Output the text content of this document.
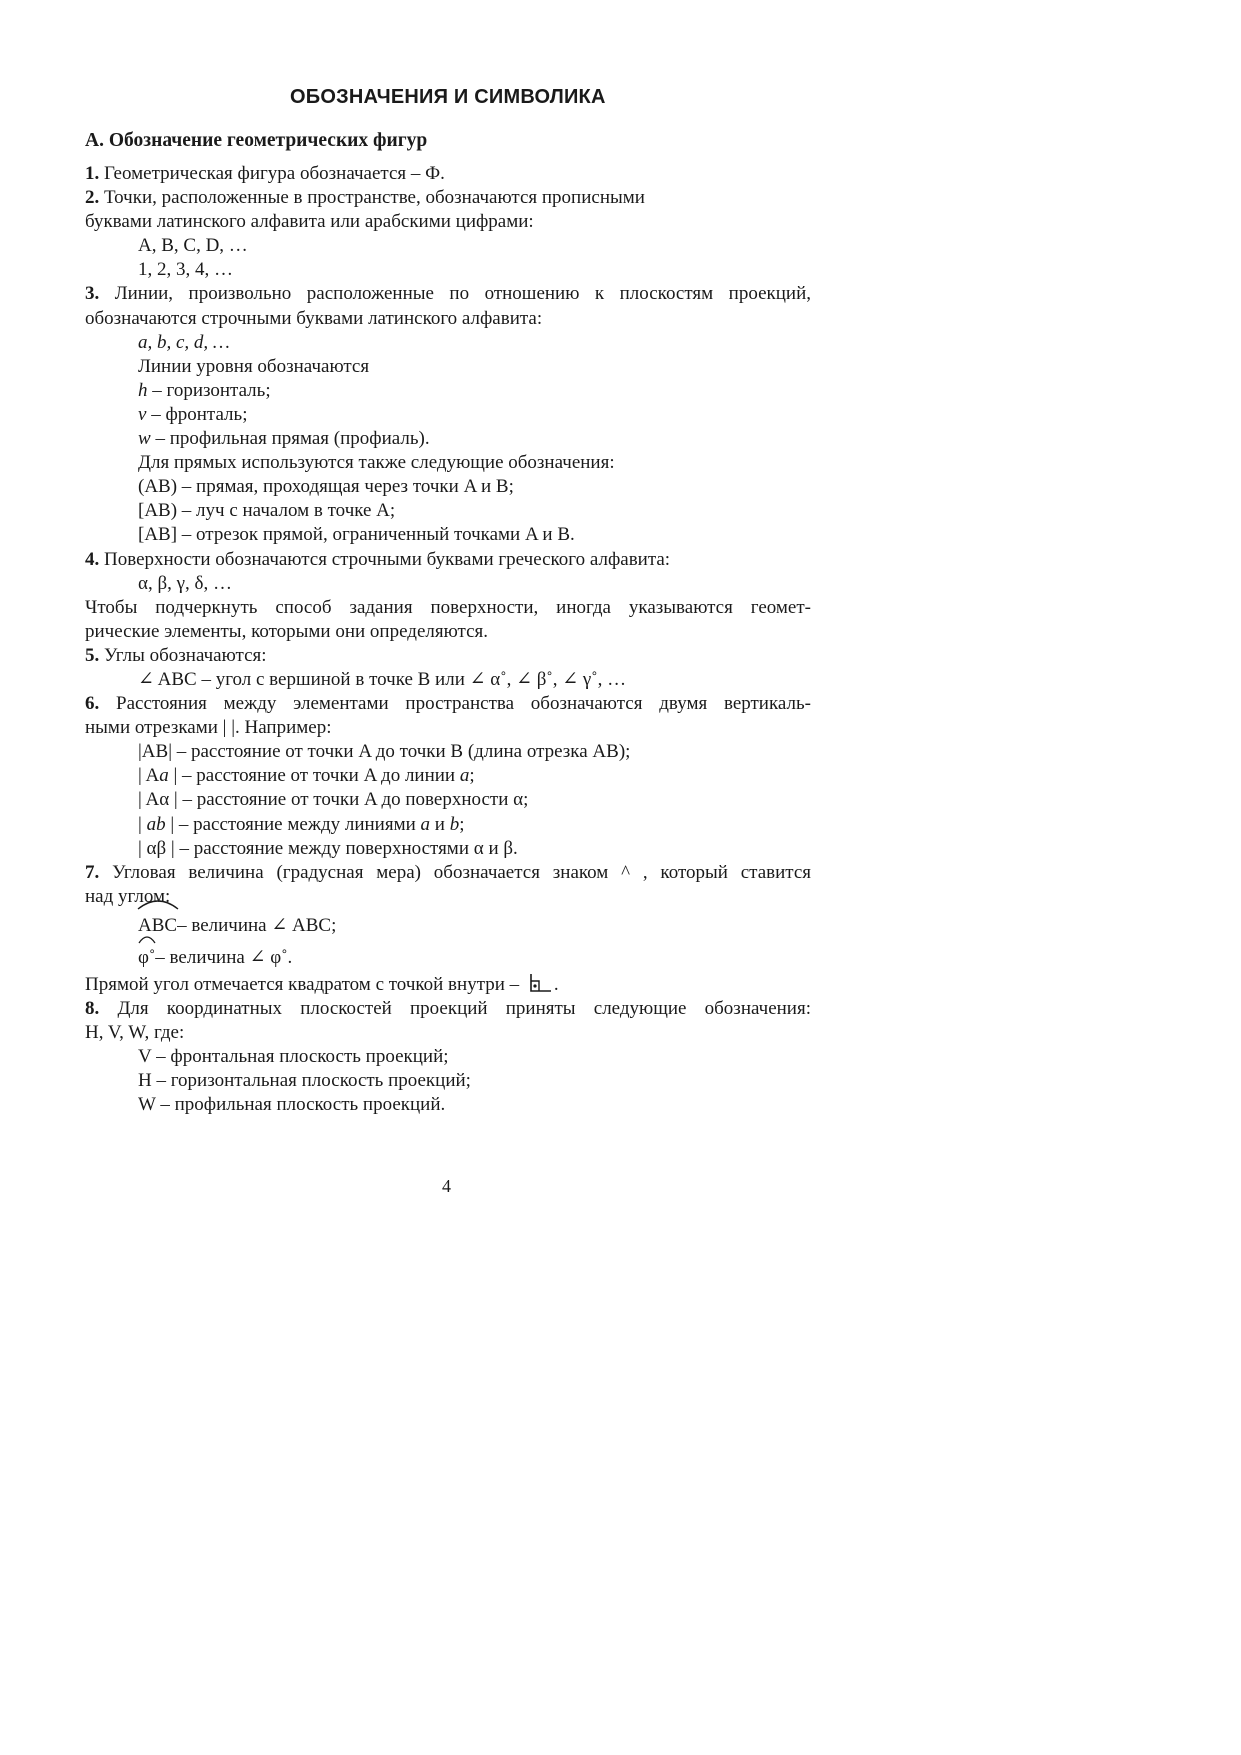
ОБОЗНАЧЕНИЯ И СИМВОЛИКА
А. Обозначение геометрических фигур

1. Геометрическая фигура обозначается – Ф.

2. Точки, расположенные в пространстве, обозначаются прописными

буквами латинского алфавита или арабскими цифрами:

A, B, C, D, …

1, 2, 3, 4, …

3. Линии, произвольно расположенные по отношению к плоскостям проекций,

обозначаются строчными буквами латинского алфавита:

a, b, c, d, …

Линии уровня обозначаются

h – горизонталь;

v – фронталь;

w – профильная прямая (профиаль).

Для прямых используются также следующие обозначения:

(AB) – прямая, проходящая через точки A и B;

[AB) – луч с началом в точке A;

[AB] – отрезок прямой, ограниченный точками A и B.

4. Поверхности обозначаются строчными буквами греческого алфавита:

α, β, γ, δ, …

Чтобы подчеркнуть способ задания поверхности, иногда указываются геомет-

рические элементы, которыми они определяются.

5. Углы обозначаются:

∠ ABC – угол с вершиной в точке B или ∠ α˚, ∠ β˚, ∠ γ˚, …

6. Расстояния между элементами пространства обозначаются двумя вертикаль-

ными отрезками | |. Например:

|AB| – расстояние от точки A до точки B (длина отрезка AB);

| Aa | – расстояние от точки A до линии a;

| Aα | – расстояние от точки A до поверхности α;

| ab | – расстояние между линиями a и b;

| αβ | – расстояние между поверхностями α и β.

7. Угловая величина (градусная мера) обозначается знаком ^ , который ставится

над углом:

ABC – величина ∠ ABC;

φ˚ – величина ∠ φ˚.

Прямой угол отмечается квадратом с точкой внутри – .

8. Для координатных плоскостей проекций приняты следующие обозначения:

H, V, W, где:

V – фронтальная плоскость проекций;

H – горизонтальная плоскость проекций;

W – профильная плоскость проекций.

4
